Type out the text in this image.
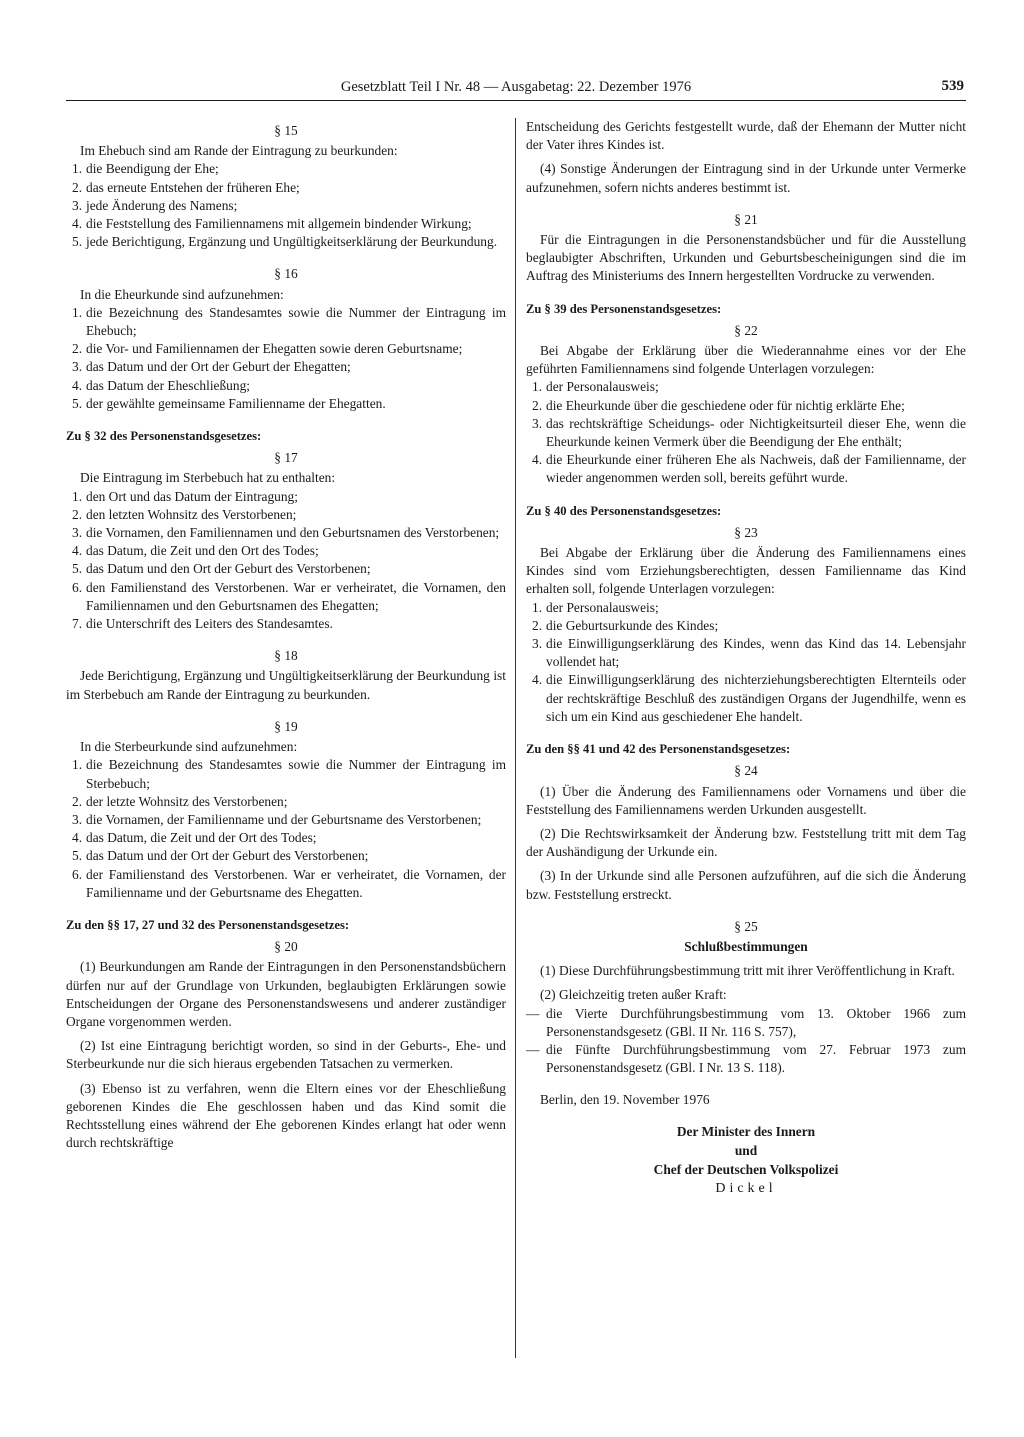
Gesetzblatt Teil I Nr. 48 — Ausgabetag: 22. Dezember 1976	539
§ 15

Im Ehebuch sind am Rande der Eintragung zu beurkunden:

1. die Beendigung der Ehe;
2. das erneute Entstehen der früheren Ehe;
3. jede Änderung des Namens;
4. die Feststellung des Familiennamens mit allgemein bindender Wirkung;
5. jede Berichtigung, Ergänzung und Ungültigkeitserklärung der Beurkundung.
§ 16

In die Eheurkunde sind aufzunehmen:

1. die Bezeichnung des Standesamtes sowie die Nummer der Eintragung im Ehebuch;
2. die Vor- und Familiennamen der Ehegatten sowie deren Geburtsname;
3. das Datum und der Ort der Geburt der Ehegatten;
4. das Datum der Eheschließung;
5. der gewählte gemeinsame Familienname der Ehegatten.
Zu § 32 des Personenstandsgesetzes:
§ 17

Die Eintragung im Sterbebuch hat zu enthalten:

1. den Ort und das Datum der Eintragung;
2. den letzten Wohnsitz des Verstorbenen;
3. die Vornamen, den Familiennamen und den Geburtsnamen des Verstorbenen;
4. das Datum, die Zeit und den Ort des Todes;
5. das Datum und den Ort der Geburt des Verstorbenen;
6. den Familienstand des Verstorbenen. War er verheiratet, die Vornamen, den Familiennamen und den Geburtsnamen des Ehegatten;
7. die Unterschrift des Leiters des Standesamtes.
§ 18

Jede Berichtigung, Ergänzung und Ungültigkeitserklärung der Beurkundung ist im Sterbebuch am Rande der Eintragung zu beurkunden.

§ 19

In die Sterbeurkunde sind aufzunehmen:

1. die Bezeichnung des Standesamtes sowie die Nummer der Eintragung im Sterbebuch;
2. der letzte Wohnsitz des Verstorbenen;
3. die Vornamen, der Familienname und der Geburtsname des Verstorbenen;
4. das Datum, die Zeit und der Ort des Todes;
5. das Datum und der Ort der Geburt des Verstorbenen;
6. der Familienstand des Verstorbenen. War er verheiratet, die Vornamen, der Familienname und der Geburtsname des Ehegatten.
Zu den §§ 17, 27 und 32 des Personenstandsgesetzes:
§ 20

(1) Beurkundungen am Rande der Eintragungen in den Personenstandsbüchern dürfen nur auf der Grundlage von Urkunden, beglaubigten Erklärungen sowie Entscheidungen der Organe des Personenstandswesens und anderer zuständiger Organe vorgenommen werden.

(2) Ist eine Eintragung berichtigt worden, so sind in der Geburts-, Ehe- und Sterbeurkunde nur die sich hieraus ergebenden Tatsachen zu vermerken.

(3) Ebenso ist zu verfahren, wenn die Eltern eines vor der Eheschließung geborenen Kindes die Ehe geschlossen haben und das Kind somit die Rechtsstellung eines während der Ehe geborenen Kindes erlangt hat oder wenn durch rechtskräftige

Entscheidung des Gerichts festgestellt wurde, daß der Ehemann der Mutter nicht der Vater ihres Kindes ist.

(4) Sonstige Änderungen der Eintragung sind in der Urkunde unter Vermerke aufzunehmen, sofern nichts anderes bestimmt ist.

§ 21

Für die Eintragungen in die Personenstandsbücher und für die Ausstellung beglaubigter Abschriften, Urkunden und Geburtsbescheinigungen sind die im Auftrag des Ministeriums des Innern hergestellten Vordrucke zu verwenden.

Zu § 39 des Personenstandsgesetzes:
§ 22

Bei Abgabe der Erklärung über die Wiederannahme eines vor der Ehe geführten Familiennamens sind folgende Unterlagen vorzulegen:

1. der Personalausweis;
2. die Eheurkunde über die geschiedene oder für nichtig erklärte Ehe;
3. das rechtskräftige Scheidungs- oder Nichtigkeitsurteil dieser Ehe, wenn die Eheurkunde keinen Vermerk über die Beendigung der Ehe enthält;
4. die Eheurkunde einer früheren Ehe als Nachweis, daß der Familienname, der wieder angenommen werden soll, bereits geführt wurde.
Zu § 40 des Personenstandsgesetzes:
§ 23

Bei Abgabe der Erklärung über die Änderung des Familiennamens eines Kindes sind vom Erziehungsberechtigten, dessen Familienname das Kind erhalten soll, folgende Unterlagen vorzulegen:

1. der Personalausweis;
2. die Geburtsurkunde des Kindes;
3. die Einwilligungserklärung des Kindes, wenn das Kind das 14. Lebensjahr vollendet hat;
4. die Einwilligungserklärung des nichterziehungsberechtigten Elternteils oder der rechtskräftige Beschluß des zuständigen Organs der Jugendhilfe, wenn es sich um ein Kind aus geschiedener Ehe handelt.
Zu den §§ 41 und 42 des Personenstandsgesetzes:
§ 24

(1) Über die Änderung des Familiennamens oder Vornamens und über die Feststellung des Familiennamens werden Urkunden ausgestellt.

(2) Die Rechtswirksamkeit der Änderung bzw. Feststellung tritt mit dem Tag der Aushändigung der Urkunde ein.

(3) In der Urkunde sind alle Personen aufzuführen, auf die sich die Änderung bzw. Feststellung erstreckt.

§ 25
Schlußbestimmungen

(1) Diese Durchführungsbestimmung tritt mit ihrer Veröffentlichung in Kraft.

(2) Gleichzeitig treten außer Kraft:

— die Vierte Durchführungsbestimmung vom 13. Oktober 1966 zum Personenstandsgesetz (GBl. II Nr. 116 S. 757),
— die Fünfte Durchführungsbestimmung vom 27. Februar 1973 zum Personenstandsgesetz (GBl. I Nr. 13 S. 118).

Berlin, den 19. November 1976

Der Minister des Innern
und
Chef der Deutschen Volkspolizei
Dickel
